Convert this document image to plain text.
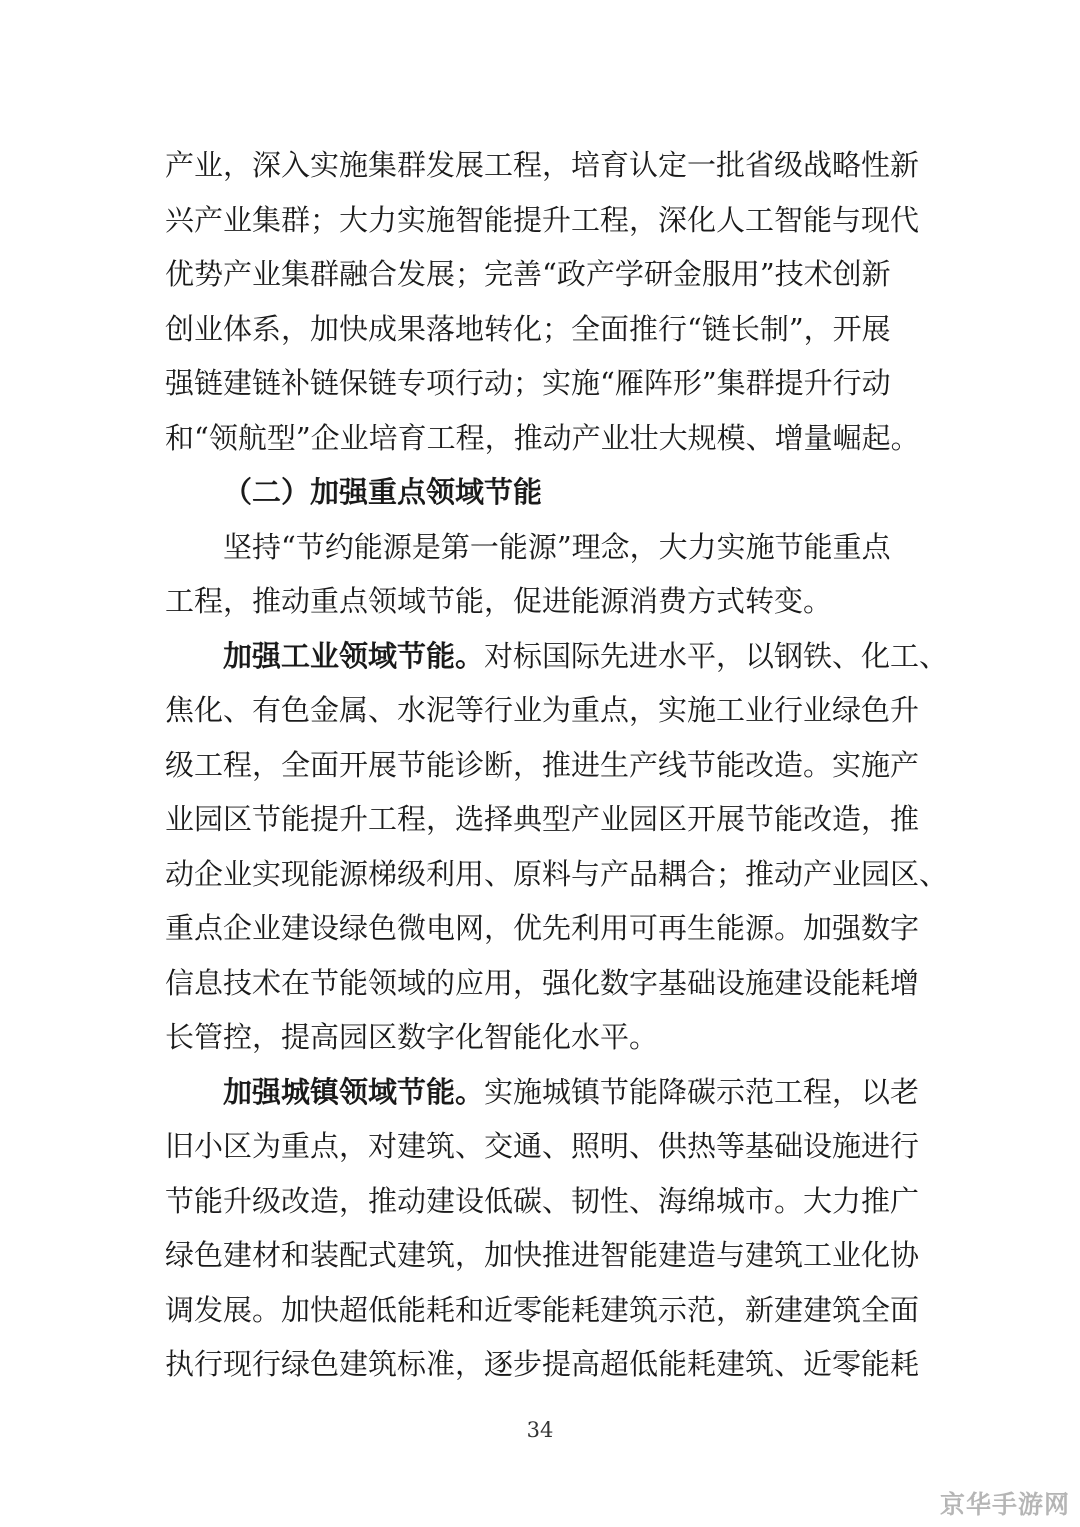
产业，深入实施集群发展工程，培育认定一批省级战略性新
兴产业集群；大力实施智能提升工程，深化人工智能与现代
优势产业集群融合发展；完善“政产学研金服用”技术创新
创业体系，加快成果落地转化；全面推行“链长制”，开展
强链建链补链保链专项行动；实施“雁阵形”集群提升行动
和“领航型”企业培育工程，推动产业壮大规模、增量崛起。
（二）加强重点领域节能
坚持“节约能源是第一能源”理念，大力实施节能重点
工程，推动重点领域节能，促进能源消费方式转变。
加强工业领域节能。对标国际先进水平，以钢铁、化工、
焦化、有色金属、水泥等行业为重点，实施工业行业绿色升
级工程，全面开展节能诊断，推进生产线节能改造。实施产
业园区节能提升工程，选择典型产业园区开展节能改造，推
动企业实现能源梯级利用、原料与产品耦合；推动产业园区、
重点企业建设绿色微电网，优先利用可再生能源。加强数字
信息技术在节能领域的应用，强化数字基础设施建设能耗增
长管控，提高园区数字化智能化水平。
加强城镇领域节能。实施城镇节能降碳示范工程，以老
旧小区为重点，对建筑、交通、照明、供热等基础设施进行
节能升级改造，推动建设低碳、韧性、海绵城市。大力推广
绿色建材和装配式建筑，加快推进智能建造与建筑工业化协
调发展。加快超低能耗和近零能耗建筑示范，新建建筑全面
执行现行绿色建筑标准，逐步提高超低能耗建筑、近零能耗
34
京华手游网
